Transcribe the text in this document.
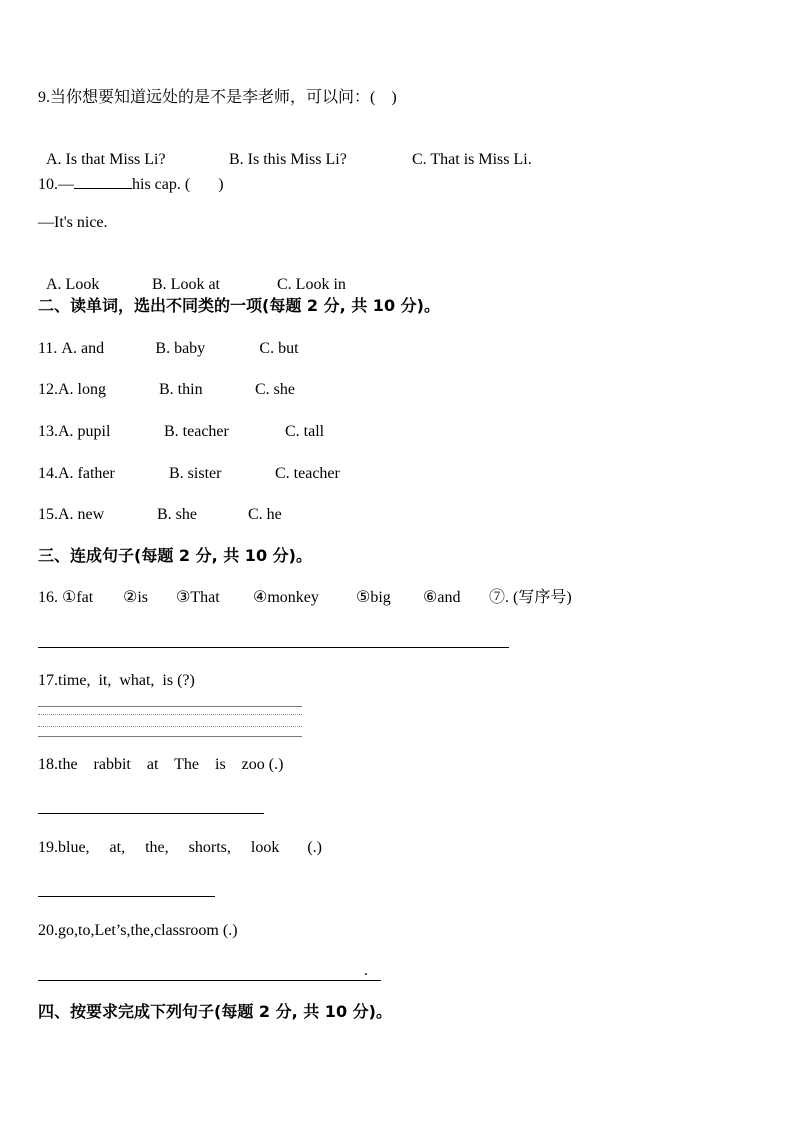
9.当你想要知道远处的是不是李老师，可以问：(    )

A. Is that Miss Li?	B. Is this Miss Li?	C. That is Miss Li.

10.—	his cap. (       )
—It's nice.

A. Look	B. Look at	C. Look in

二、读单词，选出不同类的一项(每题 2 分, 共 10 分)。
11. A. and	B. baby	C. but
12.A. long	B. thin	C. she
13.A. pupil	B. teacher	C. tall
14.A. father	B. sister	C. teacher
15.A. new	B. she	C. he
三、连成句子(每题 2 分, 共 10 分)。
16. ①fat ②is ③That ④monkey ⑤big ⑥and ⑦. (写序号)
17.time,  it,  what,  is (?)
18.the    rabbit    at    The    is    zoo (.)
19.blue,     at,     the,     shorts,     look       (.)
20.go,to,Let’s,the,classroom (.)
.
四、按要求完成下列句子(每题 2 分, 共 10 分)。
